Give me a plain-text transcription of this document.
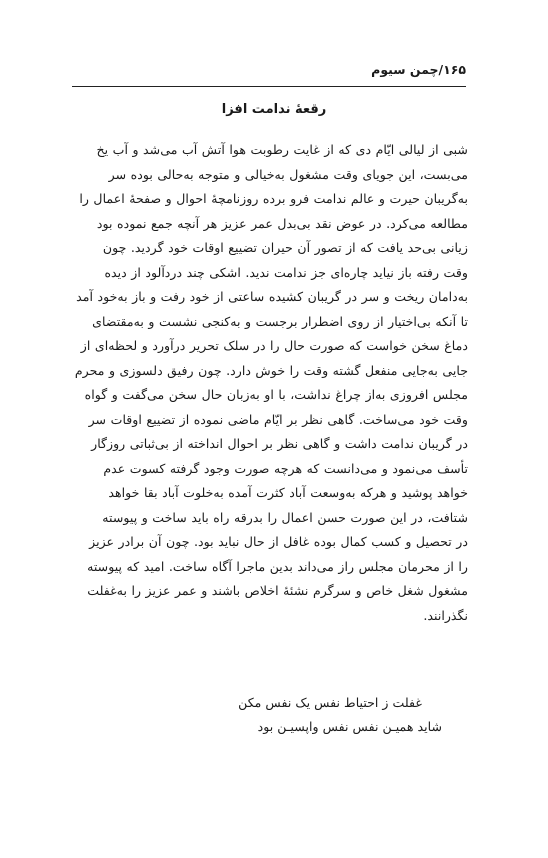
۱۶۵/چمن سیوم
رقعهٔ ندامت افزا
شبی از لیالی ایّام دی که از غایت رطوبت هوا آتش آب می‌شد و آب یخ
می‌بست، این جویای وقت مشغول به‌خیالی و متوجه به‌حالی بوده سر
به‌گریبان حیرت و عالم ندامت فرو برده روزنامچهٔ احوال و صفحهٔ اعمال را
مطالعه می‌کرد. در عوض نقد بی‌بدل عمر عزیز هر آنچه جمع نموده بود
زیانی بی‌حد یافت که از تصور آن حیران تضییع اوقات خود گردید. چون
وقت رفته باز نیاید چاره‌ای جز ندامت ندید. اشکی چند دردآلود از دیده
به‌دامان ریخت و سر در گریبان کشیده ساعتی از خود رفت و باز به‌خود آمد
تا آنکه بی‌اختیار از روی اضطرار برجست و به‌کنجی نشست و به‌مقتضای
دماغ سخن خواست که صورت حال را در سلک تحریر درآورد و لحظه‌ای از
جایی به‌جایی منفعل گشته وقت را خوش دارد. چون رفیق دلسوزی و محرم
مجلس افروزی به‌از چراغ نداشت، با او به‌زبان حال سخن می‌گفت و گواه
وقت خود می‌ساخت. گاهی نظر بر ایّام ماضی نموده از تضییع اوقات سر
در گریبان ندامت داشت و گاهی نظر بر احوال انداخته از بی‌ثباتی روزگار
تأسف می‌نمود و می‌دانست که هرچه صورت وجود گرفته کسوت عدم
خواهد پوشید و هرکه به‌وسعت آباد کثرت آمده به‌خلوت آباد بقا خواهد
شتافت، در این صورت حسن اعمال را بدرقه راه باید ساخت و پیوسته
در تحصیل و کسب کمال بوده غافل از حال نباید بود. چون آن برادر عزیز
را از محرمان مجلس راز می‌داند بدین ماجرا آگاه ساخت. امید که پیوسته
مشغول شغل خاص و سرگرم نشئهٔ اخلاص باشند و عمر عزیز را به‌غفلت
نگذرانند.
غفلت ز احتیاط نفس یک نفس مکن
شاید همیـن نفس نفس واپسیـن بود
